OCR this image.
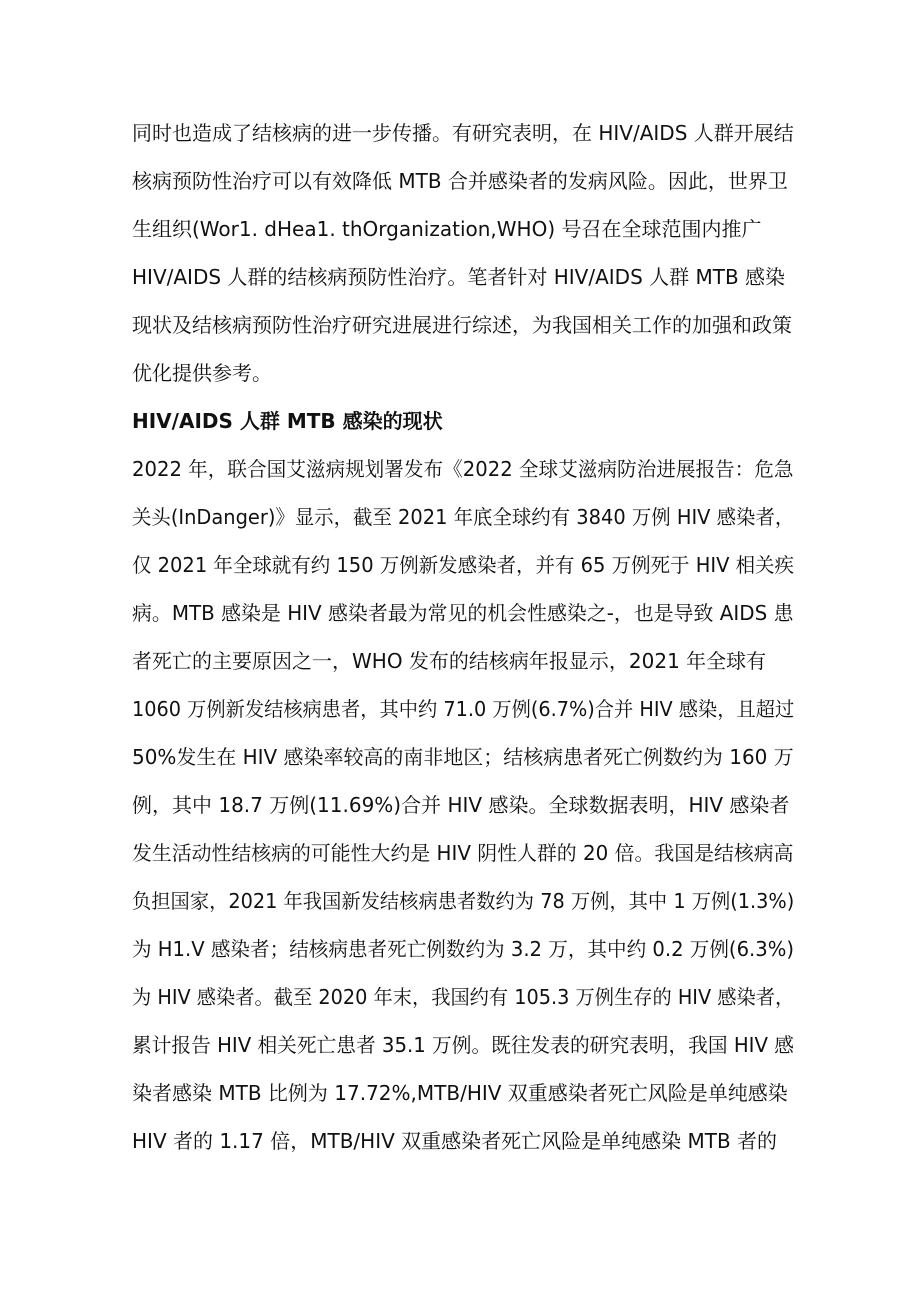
同时也造成了结核病的进一步传播。有研究表明，在 HIV/AIDS 人群开展结
核病预防性治疗可以有效降低 MTB 合并感染者的发病风险。因此，世界卫
生组织(Wor1. dHea1. thOrganization,WHO) 号召在全球范围内推广
HIV/AIDS 人群的结核病预防性治疗。笔者针对 HIV/AIDS 人群 MTB 感染
现状及结核病预防性治疗研究进展进行综述，为我国相关工作的加强和政策
优化提供参考。
HIV/AIDS 人群 MTB 感染的现状
2022 年，联合国艾滋病规划署发布《2022 全球艾滋病防治进展报告：危急
关头(InDanger)》显示，截至 2021 年底全球约有 3840 万例 HIV 感染者，
仅 2021 年全球就有约 150 万例新发感染者，并有 65 万例死于 HIV 相关疾
病。MTB 感染是 HIV 感染者最为常见的机会性感染之-，也是导致 AIDS 患
者死亡的主要原因之一，WHO 发布的结核病年报显示，2021 年全球有
1060 万例新发结核病患者，其中约 71.0 万例(6.7%)合并 HIV 感染，且超过
50%发生在 HIV 感染率较高的南非地区；结核病患者死亡例数约为 160 万
例，其中 18.7 万例(11.69%)合并 HIV 感染。全球数据表明，HIV 感染者
发生活动性结核病的可能性大约是 HIV 阴性人群的 20 倍。我国是结核病高
负担国家，2021 年我国新发结核病患者数约为 78 万例，其中 1 万例(1.3%)
为 H1.V 感染者；结核病患者死亡例数约为 3.2 万，其中约 0.2 万例(6.3%)
为 HIV 感染者。截至 2020 年末，我国约有 105.3 万例生存的 HIV 感染者，
累计报告 HIV 相关死亡患者 35.1 万例。既往发表的研究表明，我国 HIV 感
染者感染 MTB 比例为 17.72%,MTB/HIV 双重感染者死亡风险是单纯感染
HIV 者的 1.17 倍，MTB/HIV 双重感染者死亡风险是单纯感染 MTB 者的
